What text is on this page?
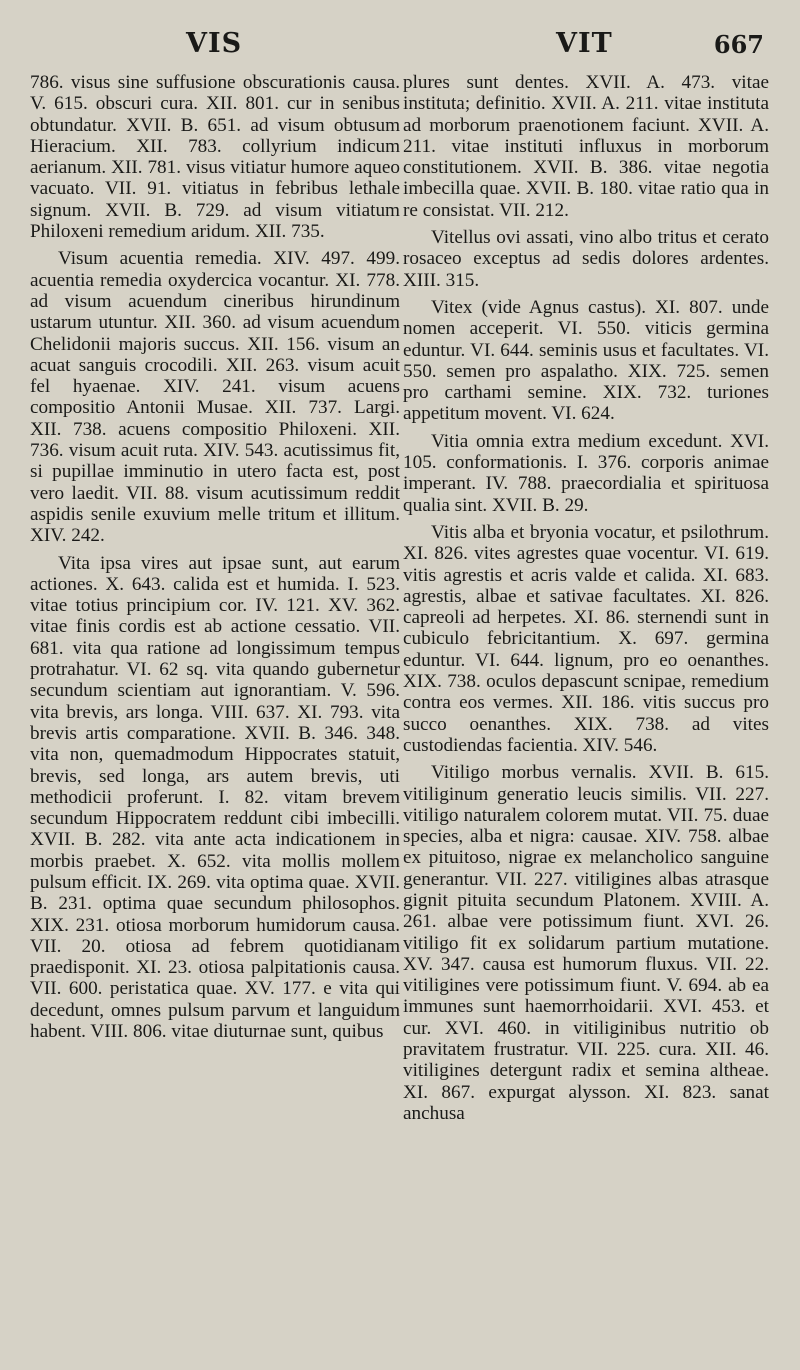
VIS	VIT	667

786. visus sine suffusione obscurationis causa. V. 615. obscuri cura. XII. 801. cur in senibus obtundatur. XVII. B. 651. ad visum obtusum Hieracium. XII. 783. collyrium indicum aerianum. XII. 781. visus vitiatur humore aqueo vacuato. VII. 91. vitiatus in febribus lethale signum. XVII. B. 729. ad visum vitiatum Philoxeni remedium aridum. XII. 735.

Visum acuentia remedia. XIV. 497. 499. acuentia remedia oxydercica vocantur. XI. 778. ad visum acuendum cineribus hirundinum ustarum utuntur. XII. 360. ad visum acuendum Chelidonii majoris succus. XII. 156. visum an acuat sanguis crocodili. XII. 263. visum acuit fel hyaenae. XIV. 241. visum acuens compositio Antonii Musae. XII. 737. Largi. XII. 738. acuens compositio Philoxeni. XII. 736. visum acuit ruta. XIV. 543. acutissimus fit, si pupillae imminutio in utero facta est, post vero laedit. VII. 88. visum acutissimum reddit aspidis senile exuvium melle tritum et illitum. XIV. 242.

Vita ipsa vires aut ipsae sunt, aut earum actiones. X. 643. calida est et humida. I. 523. vitae totius principium cor. IV. 121. XV. 362. vitae finis cordis est ab actione cessatio. VII. 681. vita qua ratione ad longissimum tempus protrahatur. VI. 62 sq. vita quando gubernetur secundum scientiam aut ignorantiam. V. 596. vita brevis, ars longa. VIII. 637. XI. 793. vita brevis artis comparatione. XVII. B. 346. 348. vita non, quemadmodum Hippocrates statuit, brevis, sed longa, ars autem brevis, uti methodicii proferunt. I. 82. vitam brevem secundum Hippocratem reddunt cibi imbecilli. XVII. B. 282. vita ante acta indicationem in morbis praebet. X. 652. vita mollis mollem pulsum efficit. IX. 269. vita optima quae. XVII. B. 231. optima quae secundum philosophos. XIX. 231. otiosa morborum humidorum causa. VII. 20. otiosa ad febrem quotidianam praedisponit. XI. 23. otiosa palpitationis causa. VII. 600. peristatica quae. XV. 177. e vita qui decedunt, omnes pulsum parvum et languidum habent. VIII. 806. vitae diuturnae sunt, quibus

plures sunt dentes. XVII. A. 473. vitae instituta; definitio. XVII. A. 211. vitae instituta ad morborum praenotionem faciunt. XVII. A. 211. vitae instituti influxus in morborum constitutionem. XVII. B. 386. vitae negotia imbecilla quae. XVII. B. 180. vitae ratio qua in re consistat. VII. 212.

Vitellus ovi assati, vino albo tritus et cerato rosaceo exceptus ad sedis dolores ardentes. XIII. 315.

Vitex (vide Agnus castus). XI. 807. unde nomen acceperit. VI. 550. viticis germina eduntur. VI. 644. seminis usus et facultates. VI. 550. semen pro aspalatho. XIX. 725. semen pro carthami semine. XIX. 732. turiones appetitum movent. VI. 624.

Vitia omnia extra medium excedunt. XVI. 105. conformationis. I. 376. corporis animae imperant. IV. 788. praecordialia et spirituosa qualia sint. XVII. B. 29.

Vitis alba et bryonia vocatur, et psilothrum. XI. 826. vites agrestes quae vocentur. VI. 619. vitis agrestis et acris valde et calida. XI. 683. agrestis, albae et sativae facultates. XI. 826. capreoli ad herpetes. XI. 86. sternendi sunt in cubiculo febricitantium. X. 697. germina eduntur. VI. 644. lignum, pro eo oenanthes. XIX. 738. oculos depascunt scnipae, remedium contra eos vermes. XII. 186. vitis succus pro succo oenanthes. XIX. 738. ad vites custodiendas facientia. XIV. 546.

Vitiligo morbus vernalis. XVII. B. 615. vitiliginum generatio leucis similis. VII. 227. vitiligo naturalem colorem mutat. VII. 75. duae species, alba et nigra: causae. XIV. 758. albae ex pituitoso, nigrae ex melancholico sanguine generantur. VII. 227. vitiligines albas atrasque gignit pituita secundum Platonem. XVIII. A. 261. albae vere potissimum fiunt. XVI. 26. vitiligo fit ex solidarum partium mutatione. XV. 347. causa est humorum fluxus. VII. 22. vitiligines vere potissimum fiunt. V. 694. ab ea immunes sunt haemorrhoidarii. XVI. 453. et cur. XVI. 460. in vitiliginibus nutritio ob pravitatem frustratur. VII. 225. cura. XII. 46. vitiligines detergunt radix et semina altheae. XI. 867. expurgat alysson. XI. 823. sanat anchusa
